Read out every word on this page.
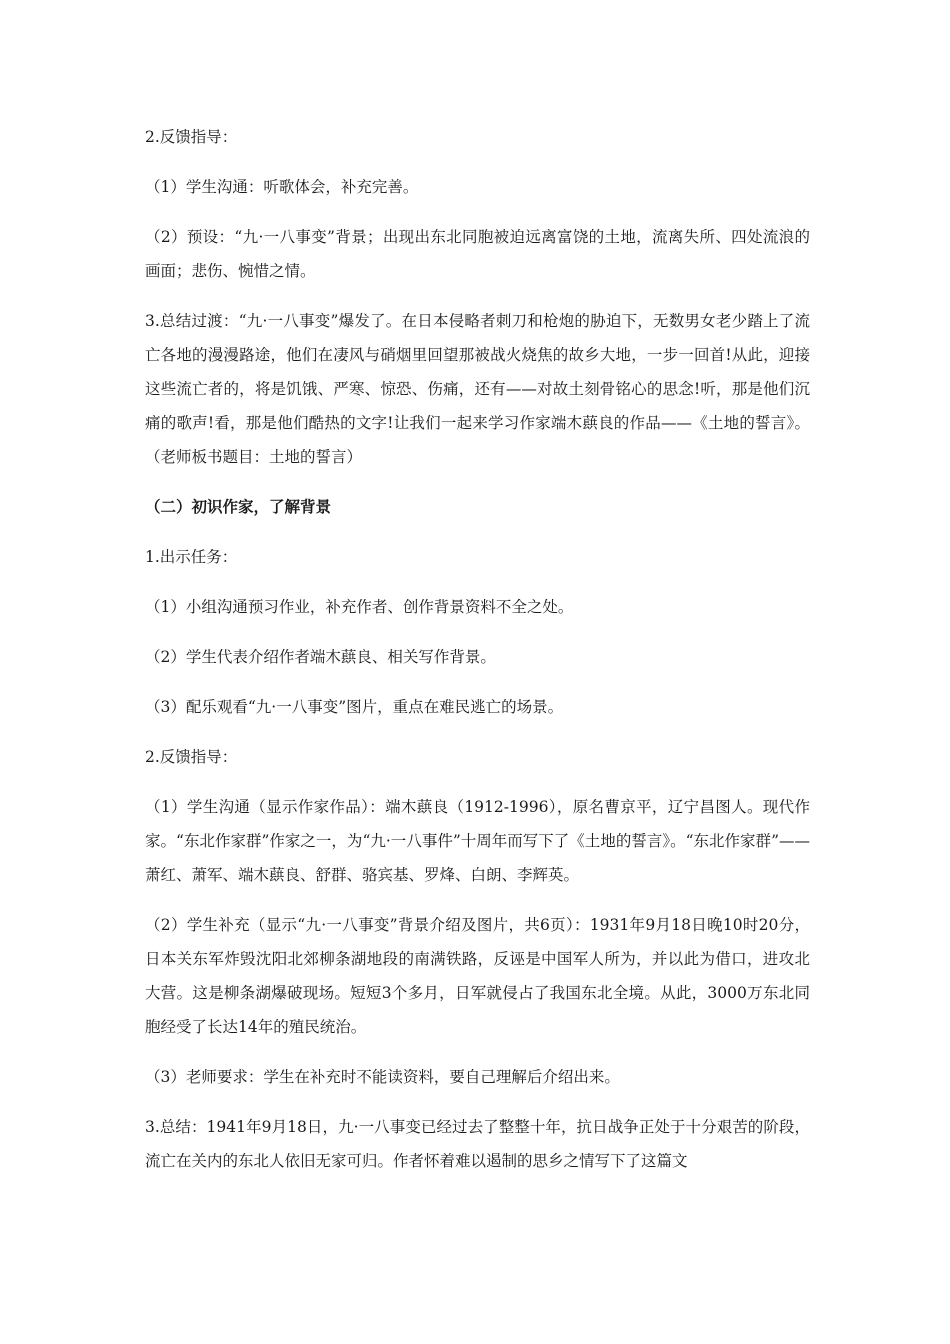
2.反馈指导：

（1）学生沟通：听歌体会，补充完善。

（2）预设：“九·一八事变”背景；出现出东北同胞被迫远离富饶的土地，流离失所、四处流浪的画面；悲伤、惋惜之情。

3.总结过渡：“九·一八事变”爆发了。在日本侵略者刺刀和枪炮的胁迫下，无数男女老少踏上了流亡各地的漫漫路途，他们在凄风与硝烟里回望那被战火烧焦的故乡大地，一步一回首!从此，迎接这些流亡者的，将是饥饿、严寒、惊恐、伤痛，还有——对故土刻骨铭心的思念!听，那是他们沉痛的歌声!看，那是他们酷热的文字!让我们一起来学习作家端木蕻良的作品——《土地的誓言》。（老师板书题目：土地的誓言）

（二）初识作家，了解背景

1.出示任务：

（1）小组沟通预习作业，补充作者、创作背景资料不全之处。

（2）学生代表介绍作者端木蕻良、相关写作背景。

（3）配乐观看“九·一八事变”图片，重点在难民逃亡的场景。

2.反馈指导：

（1）学生沟通（显示作家作品）：端木蕻良（1912-1996），原名曹京平，辽宁昌图人。现代作家。“东北作家群”作家之一，为“九·一八事件”十周年而写下了《土地的誓言》。“东北作家群”——萧红、萧军、端木蕻良、舒群、骆宾基、罗烽、白朗、李辉英。

（2）学生补充（显示“九·一八事变”背景介绍及图片，共6页）：1931年9月18日晚10时20分，日本关东军炸毁沈阳北郊柳条湖地段的南满铁路，反诬是中国军人所为，并以此为借口，进攻北大营。这是柳条湖爆破现场。短短3个多月，日军就侵占了我国东北全境。从此，3000万东北同胞经受了长达14年的殖民统治。

（3）老师要求：学生在补充时不能读资料，要自己理解后介绍出来。

3.总结：1941年9月18日，九·一八事变已经过去了整整十年，抗日战争正处于十分艰苦的阶段，流亡在关内的东北人依旧无家可归。作者怀着难以遏制的思乡之情写下了这篇文
